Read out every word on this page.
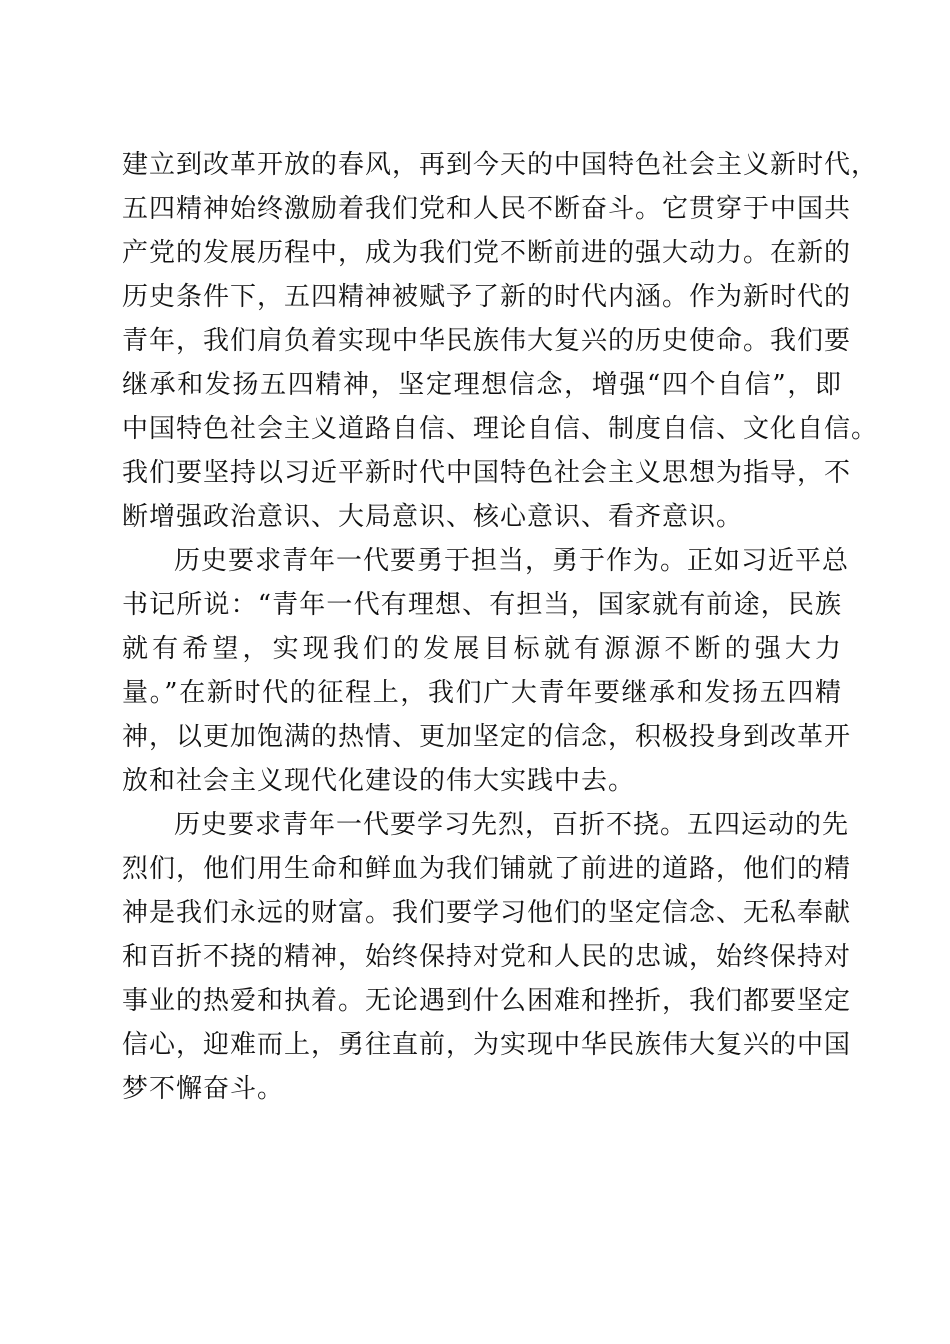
建立到改革开放的春风，再到今天的中国特色社会主义新时代，
五四精神始终激励着我们党和人民不断奋斗。它贯穿于中国共
产党的发展历程中，成为我们党不断前进的强大动力。在新的
历史条件下，五四精神被赋予了新的时代内涵。作为新时代的
青年，我们肩负着实现中华民族伟大复兴的历史使命。我们要
继承和发扬五四精神，坚定理想信念，增强“四个自信”，即
中国特色社会主义道路自信、理论自信、制度自信、文化自信。
我们要坚持以习近平新时代中国特色社会主义思想为指导，不
断增强政治意识、大局意识、核心意识、看齐意识。
历史要求青年一代要勇于担当，勇于作为。正如习近平总
书记所说：“青年一代有理想、有担当，国家就有前途，民族
就有希望，实现我们的发展目标就有源源不断的强大力
量。”在新时代的征程上，我们广大青年要继承和发扬五四精
神，以更加饱满的热情、更加坚定的信念，积极投身到改革开
放和社会主义现代化建设的伟大实践中去。
历史要求青年一代要学习先烈，百折不挠。五四运动的先
烈们，他们用生命和鲜血为我们铺就了前进的道路，他们的精
神是我们永远的财富。我们要学习他们的坚定信念、无私奉献
和百折不挠的精神，始终保持对党和人民的忠诚，始终保持对
事业的热爱和执着。无论遇到什么困难和挫折，我们都要坚定
信心，迎难而上，勇往直前，为实现中华民族伟大复兴的中国
梦不懈奋斗。
